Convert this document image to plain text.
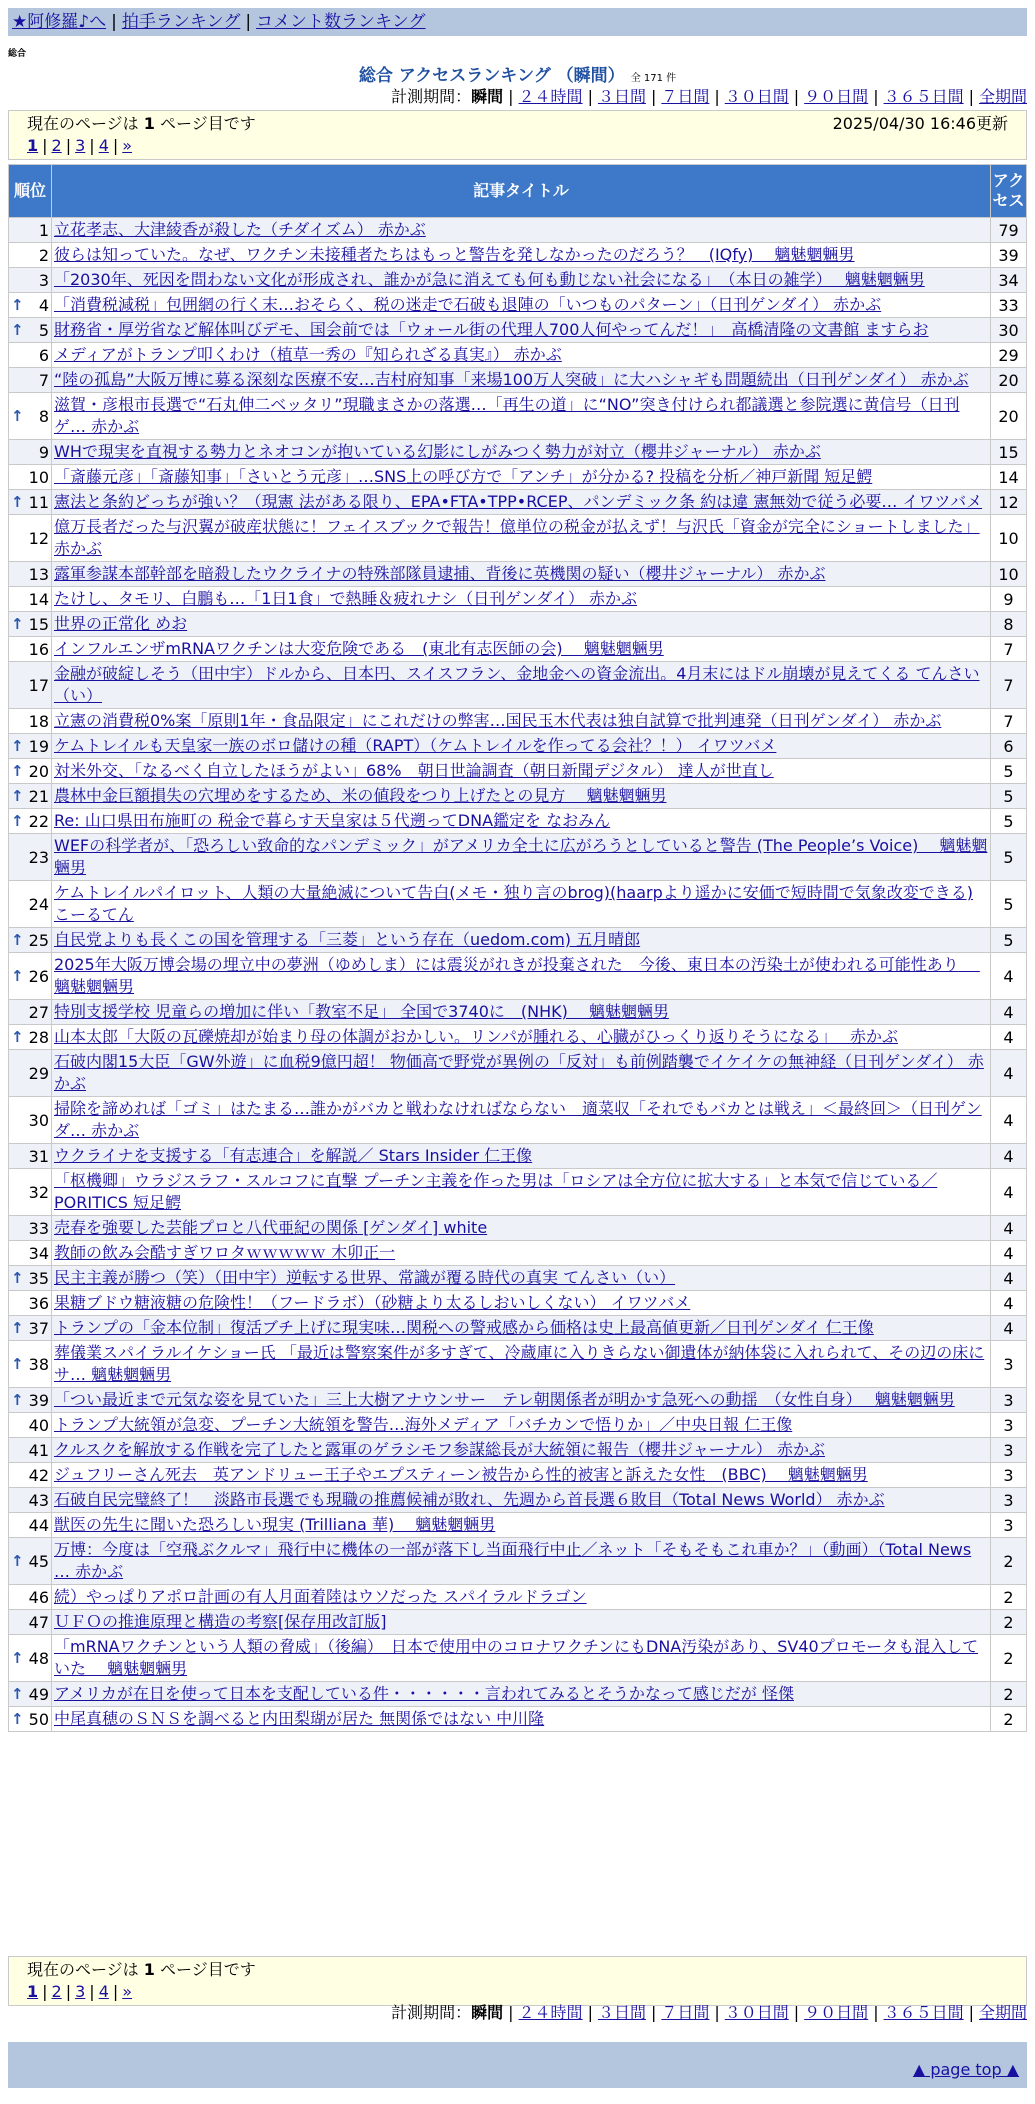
★阿修羅♪へ | 拍手ランキング | コメント数ランキング
総合
総合 アクセスランキング （瞬間） 全 171 件
計測期間：瞬間 | ２４時間 | ３日間 | ７日間 | ３０日間 | ９０日間 | ３６５日間 | 全期間
現在のページは 1 ページ目です	2025/04/30 16:46更新
1 | 2 | 3 | 4 | »
順位	記事タイトル	アクセス
1	立花孝志、大津綾香が殺した（チダイズム） 赤かぶ	79
2	彼らは知っていた。なぜ、ワクチン未接種者たちはもっと警告を発しなかったのだろう？　(IQfy)　 魑魅魍魎男	39
3	「2030年、死因を問わない文化が形成され、誰かが急に消えても何も動じない社会になる」　（本日の雑学）　 魑魅魍魎男	34

↑ 4	「消費税減税」包囲網の行く末…おそらく、税の迷走で石破も退陣の「いつものパターン」（日刊ゲンダイ） 赤かぶ	33

↑ 5	財務省・厚労省など解体叫びデモ、国会前では「ウォール街の代理人700人何やってんだ！」　高橋清隆の文書館 ますらお	30
6	メディアがトランプ叩くわけ（植草一秀の『知られざる真実』） 赤かぶ	29
7	“陸の孤島”大阪万博に募る深刻な医療不安…吉村府知事「来場100万人突破」に大ハシャギも問題続出（日刊ゲンダイ） 赤かぶ	20

↑ 8	滋賀・彦根市長選で“石丸伸二ベッタリ”現職まさかの落選…「再生の道」に“NO”突き付けられ都議選と参院選に黄信号（日刊ゲ… 赤かぶ	20
9	WHで現実を直視する勢力とネオコンが抱いている幻影にしがみつく勢力が対立（櫻井ジャーナル） 赤かぶ	15
10	「斎藤元彦」「斎藤知事」「さいとう元彦」…SNS上の呼び方で「アンチ」が分かる? 投稿を分析／神戸新聞 短足鰐	14

↑ 11	憲法と条約どっちが強い？（現憲 法がある限り、EPA•FTA•TPP•RCEP、パンデミック条 約は違 憲無効で従う必要… イワツバメ	12
12	億万長者だった与沢翼が破産状態に！フェイスブックで報告！億単位の税金が払えず！与沢氏「資金が完全にショートしました」 赤かぶ	10
13	露軍参謀本部幹部を暗殺したウクライナの特殊部隊員逮捕、背後に英機関の疑い（櫻井ジャーナル） 赤かぶ	10
14	たけし、タモリ、白鵬も…「1日1食」で熱睡＆疲れナシ（日刊ゲンダイ） 赤かぶ	9

↑ 15	世界の正常化 めお	8
16	インフルエンザmRNAワクチンは大変危険である　(東北有志医師の会)　 魑魅魍魎男	7
17	金融が破綻しそう（田中宇）ドルから、日本円、スイスフラン、金地金への資金流出。4月末にはドル崩壊が見えてくる てんさい（い）	7
18	立憲の消費税0%案「原則1年・食品限定」にこれだけの弊害…国民玉木代表は独自試算で批判連発（日刊ゲンダイ） 赤かぶ	7

↑ 19	ケムトレイルも天皇家一族のボロ儲けの種（RAPT）（ケムトレイルを作ってる会社？！） イワツバメ	6

↑ 20	対米外交、「なるべく自立したほうがよい」68%　朝日世論調査（朝日新聞デジタル） 達人が世直し	5

↑ 21	農林中金巨額損失の穴埋めをするため、米の値段をつり上げたとの見方　 魑魅魍魎男	5

↑ 22	Re: 山口県田布施町の 税金で暮らす天皇家は５代遡ってDNA鑑定を なおみん	5
23	WEFの科学者が、「恐ろしい致命的なパンデミック」がアメリカ全土に広がろうとしていると警告 (The People’s Voice)　 魑魅魍魎男	5
24	ケムトレイルパイロット、人類の大量絶滅について告白(メモ・独り言のbrog)(haarpより遥かに安価で短時間で気象改変できる) こーるてん	5

↑ 25	自民党よりも長くこの国を管理する「三菱」という存在（uedom.com) 五月晴郎	5

↑ 26	2025年大阪万博会場の埋立中の夢洲（ゆめしま）には震災がれきが投棄された　今後、東日本の汚染土が使われる可能性あり　 魑魅魍魎男	4
27	特別支援学校 児童らの増加に伴い「教室不足」 全国で3740に　(NHK)　 魑魅魍魎男	4

↑ 28	山本太郎「大阪の瓦礫焼却が始まり母の体調がおかしい。リンパが腫れる、心臓がひっくり返りそうになる」　 赤かぶ	4
29	石破内閣15大臣「GW外遊」に血税9億円超！ 物価高で野党が異例の「反対」も前例踏襲でイケイケの無神経（日刊ゲンダイ） 赤かぶ	4
30	掃除を諦めれば「ゴミ」はたまる…誰かがバカと戦わなければならない　適菜収「それでもバカとは戦え」＜最終回＞（日刊ゲンダ… 赤かぶ	4
31	ウクライナを支援する「有志連合」を解説／ Stars Insider 仁王像	4
32	「枢機卿」ウラジスラフ・スルコフに直撃 プーチン主義を作った男は「ロシアは全方位に拡大する」と本気で信じている／PORITICS 短足鰐	4
33	売春を強要した芸能プロと八代亜紀の関係 [ゲンダイ] white	4
34	教師の飲み会酷すぎワロタｗｗｗｗｗ 木卯正一	4

↑ 35	民主主義が勝つ（笑）（田中宇）逆転する世界、常識が覆る時代の真実 てんさい（い）	4
36	果糖ブドウ糖液糖の危険性！（フードラボ）（砂糖より太るしおいしくない） イワツバメ	4

↑ 37	トランプの「金本位制」復活ブチ上げに現実味…関税への警戒感から価格は史上最高値更新／日刊ゲンダイ 仁王像	4

↑ 38	葬儀業スパイラルイケショー氏 「最近は警察案件が多すぎて、冷蔵庫に入りきらない御遺体が納体袋に入れられて、その辺の床にサ… 魑魅魍魎男	3

↑ 39	「つい最近まで元気な姿を見ていた」三上大樹アナウンサー　テレ朝関係者が明かす急死への動揺　（女性自身）　 魑魅魍魎男	3
40	トランプ大統領が急変、プーチン大統領を警告…海外メディア「バチカンで悟りか」／中央日報 仁王像	3
41	クルスクを解放する作戦を完了したと露軍のゲラシモフ参謀総長が大統領に報告（櫻井ジャーナル） 赤かぶ	3
42	ジュフリーさん死去　英アンドリュー王子やエプスティーン被告から性的被害と訴えた女性　(BBC)　 魑魅魍魎男	3
43	石破自民完璧終了！　淡路市長選でも現職の推薦候補が敗れ、先週から首長選６敗目（Total News World） 赤かぶ	3
44	獣医の先生に聞いた恐ろしい現実 (Trilliana 華)　 魑魅魍魎男	3

↑ 45	万博：今度は「空飛ぶクルマ」飛行中に機体の一部が落下し当面飛行中止／ネット「そもそもこれ車か？」（動画）（Total News … 赤かぶ	2
46	続）やっぱりアポロ計画の有人月面着陸はウソだった スパイラルドラゴン	2
47	ＵＦＯの推進原理と構造の考察[保存用改訂版]	2

↑ 48	「mRNAワクチンという人類の脅威」（後編）　日本で使用中のコロナワクチンにもDNA汚染があり、SV40プロモータも混入していた　 魑魅魍魎男	2

↑ 49	アメリカが在日を使って日本を支配している件・・・・・・言われてみるとそうかなって感じだが 怪傑	2

↑ 50	中尾真穂のＳＮＳを調べると内田梨瑚が居た 無関係ではない 中川隆	2
現在のページは 1 ページ目です
1 | 2 | 3 | 4 | »
計測期間：瞬間 | ２４時間 | ３日間 | ７日間 | ３０日間 | ９０日間 | ３６５日間 | 全期間
▲ page top ▲
